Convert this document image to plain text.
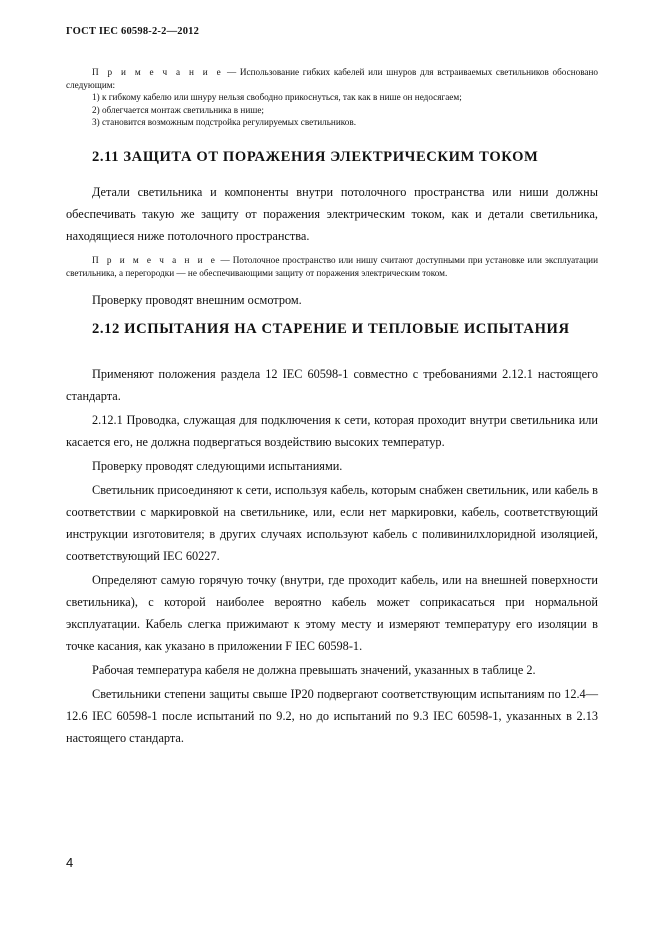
ГОСТ IEC 60598-2-2—2012

П р и м е ч а н и е — Использование гибких кабелей или шнуров для встраиваемых светильников обосновано следующим:

1) к гибкому кабелю или шнуру нельзя свободно прикоснуться, так как в нише он недосягаем;

2) облегчается монтаж светильника в нише;

3) становится возможным подстройка регулируемых светильников.

2.11 ЗАЩИТА ОТ ПОРАЖЕНИЯ ЭЛЕКТРИЧЕСКИМ ТОКОМ

Детали светильника и компоненты внутри потолочного пространства или ниши должны обеспечивать такую же защиту от поражения электрическим током, как и детали светильника, находящиеся ниже потолочного пространства.

П р и м е ч а н и е — Потолочное пространство или нишу считают доступными при установке или эксплуатации светильника, а перегородки — не обеспечивающими защиту от поражения электрическим током.

Проверку проводят внешним осмотром.

2.12 ИСПЫТАНИЯ НА СТАРЕНИЕ И ТЕПЛОВЫЕ ИСПЫТАНИЯ

Применяют положения раздела 12 IEC 60598-1 совместно с требованиями 2.12.1 настоящего стандарта.

2.12.1 Проводка, служащая для подключения к сети, которая проходит внутри светильника или касается его, не должна подвергаться воздействию высоких температур.

Проверку проводят следующими испытаниями.

Светильник присоединяют к сети, используя кабель, которым снабжен светильник, или кабель в соответствии с маркировкой на светильнике, или, если нет маркировки, кабель, соответствующий инструкции изготовителя; в других случаях используют кабель с поливинилхлоридной изоляцией, соответствующий IEC 60227.

Определяют самую горячую точку (внутри, где проходит кабель, или на внешней поверхности светильника), с которой наиболее вероятно кабель может соприкасаться при нормальной эксплуатации. Кабель слегка прижимают к этому месту и измеряют температуру его изоляции в точке касания, как указано в приложении F IEC 60598-1.

Рабочая температура кабеля не должна превышать значений, указанных в таблице 2.

Светильники степени защиты свыше IP20 подвергают соответствующим испытаниям по 12.4—12.6 IEC 60598-1 после испытаний по 9.2, но до испытаний по 9.3 IEC 60598-1, указанных в 2.13 настоящего стандарта.

4
